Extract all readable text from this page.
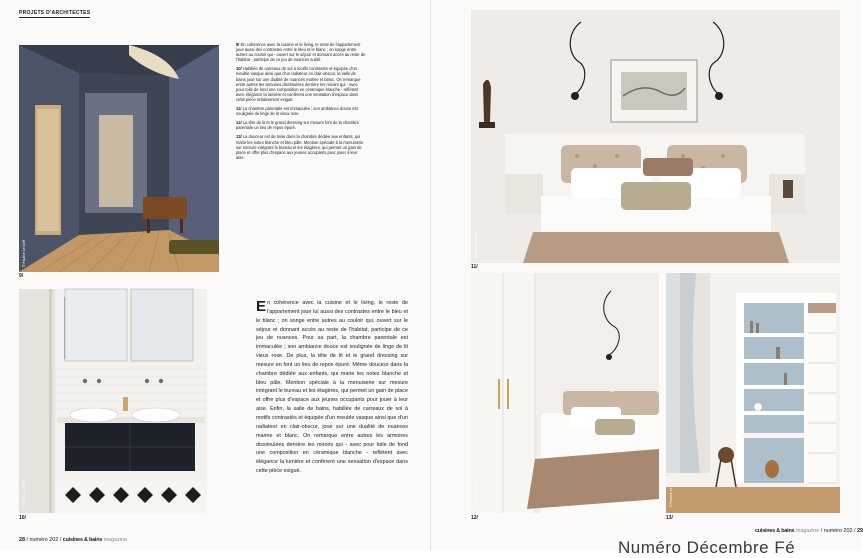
PROJETS D'ARCHITECTES
© Pauline Le Goff
9/

9/ En cohérence avec la cuisine et le living, le reste de l'appartement joue aussi des contrastes entre le bleu et le blanc ; on songe entre autres au couloir qui - ouvert sur le séjour et donnant accès au reste de l'habitat - participe de ce jeu de nuances subtil.

10/ Habillée de carreaux de sol à motifs contrastés et équipée d'un meuble vasque ainsi que d'un radiateur en clair-obscur, la salle de bains joue sur une dualité de nuances marine et blanc. On remarque entre autres les armoires dissimulées derrière les miroirs qui - avec pour toile de fond une composition en céramique blanche - reflètent avec élégance la lumière et confèrent une sensation d'espace dans cette pièce relativement exiguë.

11/ La chambre parentale est immaculée ; son ambiance douce est soulignée de linge de lit vieux rose.

12/ La tête de lit et le grand dressing sur mesure font de la chambre parentale un lieu de repos épuré.

13/ La douceur est de mise dans la chambre dédiée aux enfants, qui marie les notes blanche et bleu pâle. Mention spéciale à la menuiserie sur mesure intégrant le bureau et les étagères, qui permet un gain de place et offre plus d'espace aux jeunes occupants pour jouer à leur aise.

© Pauline Le Goff
10/
En cohérence avec la cuisine et le living, le reste de l'appartement joue lui aussi des contrastes entre le bleu et le blanc ; on songe entre autres au couloir qui, ouvert sur le séjour et donnant accès au reste de l'habitat, participe de ce jeu de nuances. Pour sa part, la chambre parentale est immaculée ; son ambiance douce est soulignée de linge de lit vieux rose. De plus, la tête de lit et le grand dressing sur mesure en font un lieu de repos épuré. Même douceur dans la chambre dédiée aux enfants, qui marie les notes blanche et bleu pâle. Mention spéciale à la menuiserie sur mesure intégrant le bureau et les étagères, qui permet un gain de place et offre plus d'espace aux jeunes occupants pour jouer à leur aise. Enfin, la salle de bains, habillée de carreaux de sol à motifs contrastés et équipée d'un meuble vasque ainsi que d'un radiateur en clair-obscur, joue sur une dualité de nuances marine et blanc. On remarque entre autres les armoires dissimulées derrière les miroirs qui - avec pour toile de fond une composition en céramique blanche - reflètent avec élégance la lumière et confèrent une sensation d'espace dans cette pièce exiguë.
28 / numéro 202 / cuisines & bains magazine
© Pauline Le Goff
11/
© Pauline Le Goff
12/
© Pauline Le Goff
13/
cuisines & bains magazine / numéro 202 / 29
Numéro Décembre Fé
